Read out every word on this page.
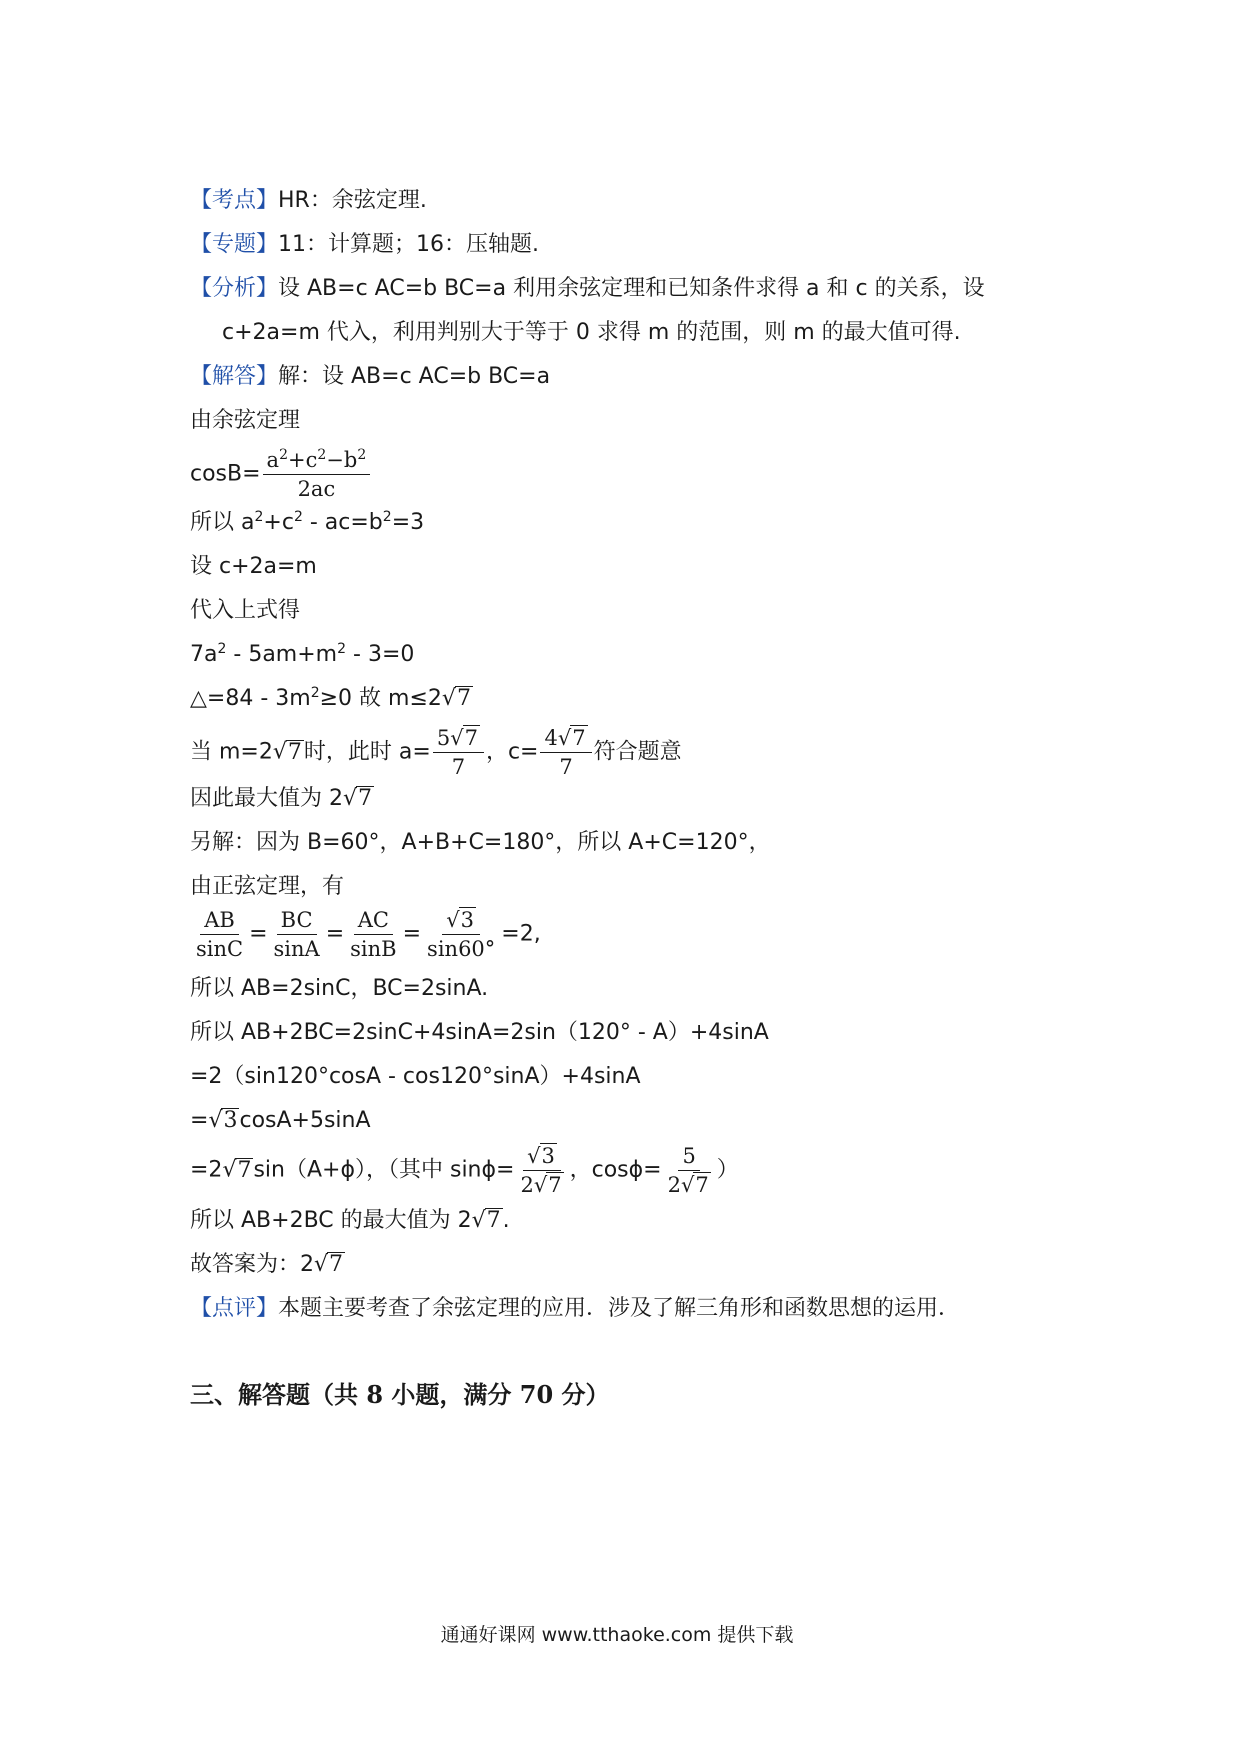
【考点】HR：余弦定理.
【专题】11：计算题；16：压轴题.
【分析】设 AB=c AC=b BC=a 利用余弦定理和已知条件求得 a 和 c 的关系，设
c+2a=m 代入，利用判别大于等于 0 求得 m 的范围，则 m 的最大值可得.
【解答】解：设 AB=c AC=b BC=a
由余弦定理
$\cos B= \frac{a^2+c^2-b^2}{2ac}$
所以 $a^2+c^2$ ‑ $ac=b^2=3$
设 c+2a=m
代入上式得
$7a^2$ ‑ $5am+m^2$ ‑ 3=0
△=84 ‑ $3m^2\ge 0$ 故 m≤2√7
当 m=2√7时，此时 $a= \frac{5√7}{7}$ ，$c= \frac{4√7}{7}$ 符合题意
因此最大值为 2√7
另解：因为 B=60°，A+B+C=180°，所以 A+C=120°，
由正弦定理，有
$\frac{AB}{\sin C} = \frac{BC}{\sin A} = \frac{AC}{\sin B} = \frac{√3}{\sin 60^\circ} =2$,
所以 AB=2sinC，BC=2sinA.
所以 AB+2BC=2sinC+4sinA=2sin（120° ‑ A）+4sinA
=2（sin120°cosA ‑ cos120°sinA）+4sinA
=√3cosA+5sinA
=2√7sin（A+ϕ），（其中 $\sin\phi= \frac{√3}{2√7}$ ，$\cos\phi= \frac{5}{2√7}$ ）
所以 AB+2BC 的最大值为 2√7.
故答案为：2√7
【点评】本题主要考查了余弦定理的应用．涉及了解三角形和函数思想的运用．
三、解答题（共 8 小题，满分 70 分）
通通好课网 www.tthaoke.com 提供下载
